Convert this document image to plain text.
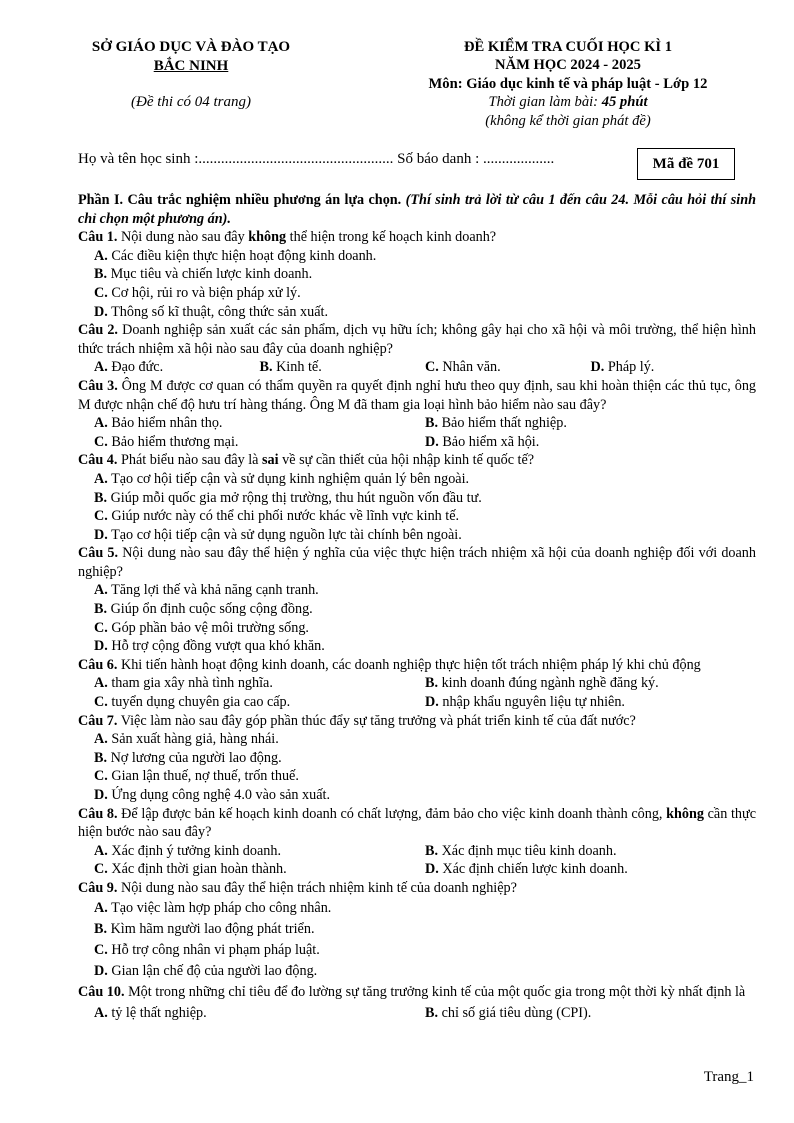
SỞ GIÁO DỤC VÀ ĐÀO TẠO
BẮC NINH
(Đề thi có 04 trang)
ĐỀ KIỂM TRA CUỐI HỌC KÌ 1
NĂM HỌC 2024 - 2025
Môn: Giáo dục kinh tế và pháp luật - Lớp 12
Thời gian làm bài: 45 phút
(không kể thời gian phát đề)
Họ và tên học sinh :.................................................... Số báo danh : ...................	Mã đề 701
Phần I. Câu trắc nghiệm nhiều phương án lựa chọn. (Thí sinh trả lời từ câu 1 đến câu 24. Mỗi câu hỏi thí sinh chỉ chọn một phương án).
Câu 1. Nội dung nào sau đây không thể hiện trong kế hoạch kinh doanh?
A. Các điều kiện thực hiện hoạt động kinh doanh.
B. Mục tiêu và chiến lược kinh doanh.
C. Cơ hội, rủi ro và biện pháp xử lý.
D. Thông số kĩ thuật, công thức sản xuất.
Câu 2. Doanh nghiệp sản xuất các sản phẩm, dịch vụ hữu ích; không gây hại cho xã hội và môi trường, thể hiện hình thức trách nhiệm xã hội nào sau đây của doanh nghiệp?
A. Đạo đức.	B. Kinh tế.	C. Nhân văn.	D. Pháp lý.
Câu 3. Ông M được cơ quan có thẩm quyền ra quyết định nghỉ hưu theo quy định, sau khi hoàn thiện các thủ tục, ông M được nhận chế độ hưu trí hàng tháng. Ông M đã tham gia loại hình bảo hiểm nào sau đây?
A. Bảo hiểm nhân thọ.	B. Bảo hiểm thất nghiệp.
C. Bảo hiểm thương mại.	D. Bảo hiểm xã hội.
Câu 4. Phát biểu nào sau đây là sai về sự cần thiết của hội nhập kinh tế quốc tế?
A. Tạo cơ hội tiếp cận và sử dụng kinh nghiệm quản lý bên ngoài.
B. Giúp mỗi quốc gia mở rộng thị trường, thu hút nguồn vốn đầu tư.
C. Giúp nước này có thể chi phối nước khác về lĩnh vực kinh tế.
D. Tạo cơ hội tiếp cận và sử dụng nguồn lực tài chính bên ngoài.
Câu 5. Nội dung nào sau đây thể hiện ý nghĩa của việc thực hiện trách nhiệm xã hội của doanh nghiệp đối với doanh nghiệp?
A. Tăng lợi thế và khả năng cạnh tranh.
B. Giúp ổn định cuộc sống cộng đồng.
C. Góp phần bảo vệ môi trường sống.
D. Hỗ trợ cộng đồng vượt qua khó khăn.
Câu 6. Khi tiến hành hoạt động kinh doanh, các doanh nghiệp thực hiện tốt trách nhiệm pháp lý khi chủ động
A. tham gia xây nhà tình nghĩa.	B. kinh doanh đúng ngành nghề đăng ký.
C. tuyển dụng chuyên gia cao cấp.	D. nhập khẩu nguyên liệu tự nhiên.
Câu 7. Việc làm nào sau đây góp phần thúc đẩy sự tăng trưởng và phát triển kinh tế của đất nước?
A. Sản xuất hàng giả, hàng nhái.
B. Nợ lương của người lao động.
C. Gian lận thuế, nợ thuế, trốn thuế.
D. Ứng dụng công nghệ 4.0 vào sản xuất.
Câu 8. Để lập được bản kế hoạch kinh doanh có chất lượng, đảm bảo cho việc kinh doanh thành công, không cần thực hiện bước nào sau đây?
A. Xác định ý tưởng kinh doanh.	B. Xác định mục tiêu kinh doanh.
C. Xác định thời gian hoàn thành.	D. Xác định chiến lược kinh doanh.
Câu 9. Nội dung nào sau đây thể hiện trách nhiệm kinh tế của doanh nghiệp?
A. Tạo việc làm hợp pháp cho công nhân.
B. Kìm hãm người lao động phát triển.
C. Hỗ trợ công nhân vi phạm pháp luật.
D. Gian lận chế độ của người lao động.
Câu 10. Một trong những chỉ tiêu để đo lường sự tăng trưởng kinh tế của một quốc gia trong một thời kỳ nhất định là
A. tỷ lệ thất nghiệp.	B. chỉ số giá tiêu dùng (CPI).
Trang_1
